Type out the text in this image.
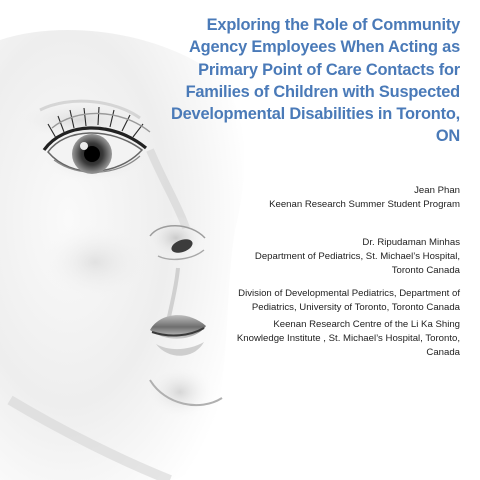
Exploring the Role of Community Agency Employees When Acting as Primary Point of Care Contacts for Families of Children with Suspected Developmental Disabilities in Toronto, ON

Jean Phan

Keenan Research Summer Student Program

Dr. Ripudaman Minhas

Department of Pediatrics, St. Michael’s Hospital, Toronto Canada

Division of Developmental Pediatrics, Department of Pediatrics, University of Toronto, Toronto Canada

Keenan Research Centre of the Li Ka Shing Knowledge Institute , St. Michael’s Hospital, Toronto, Canada
